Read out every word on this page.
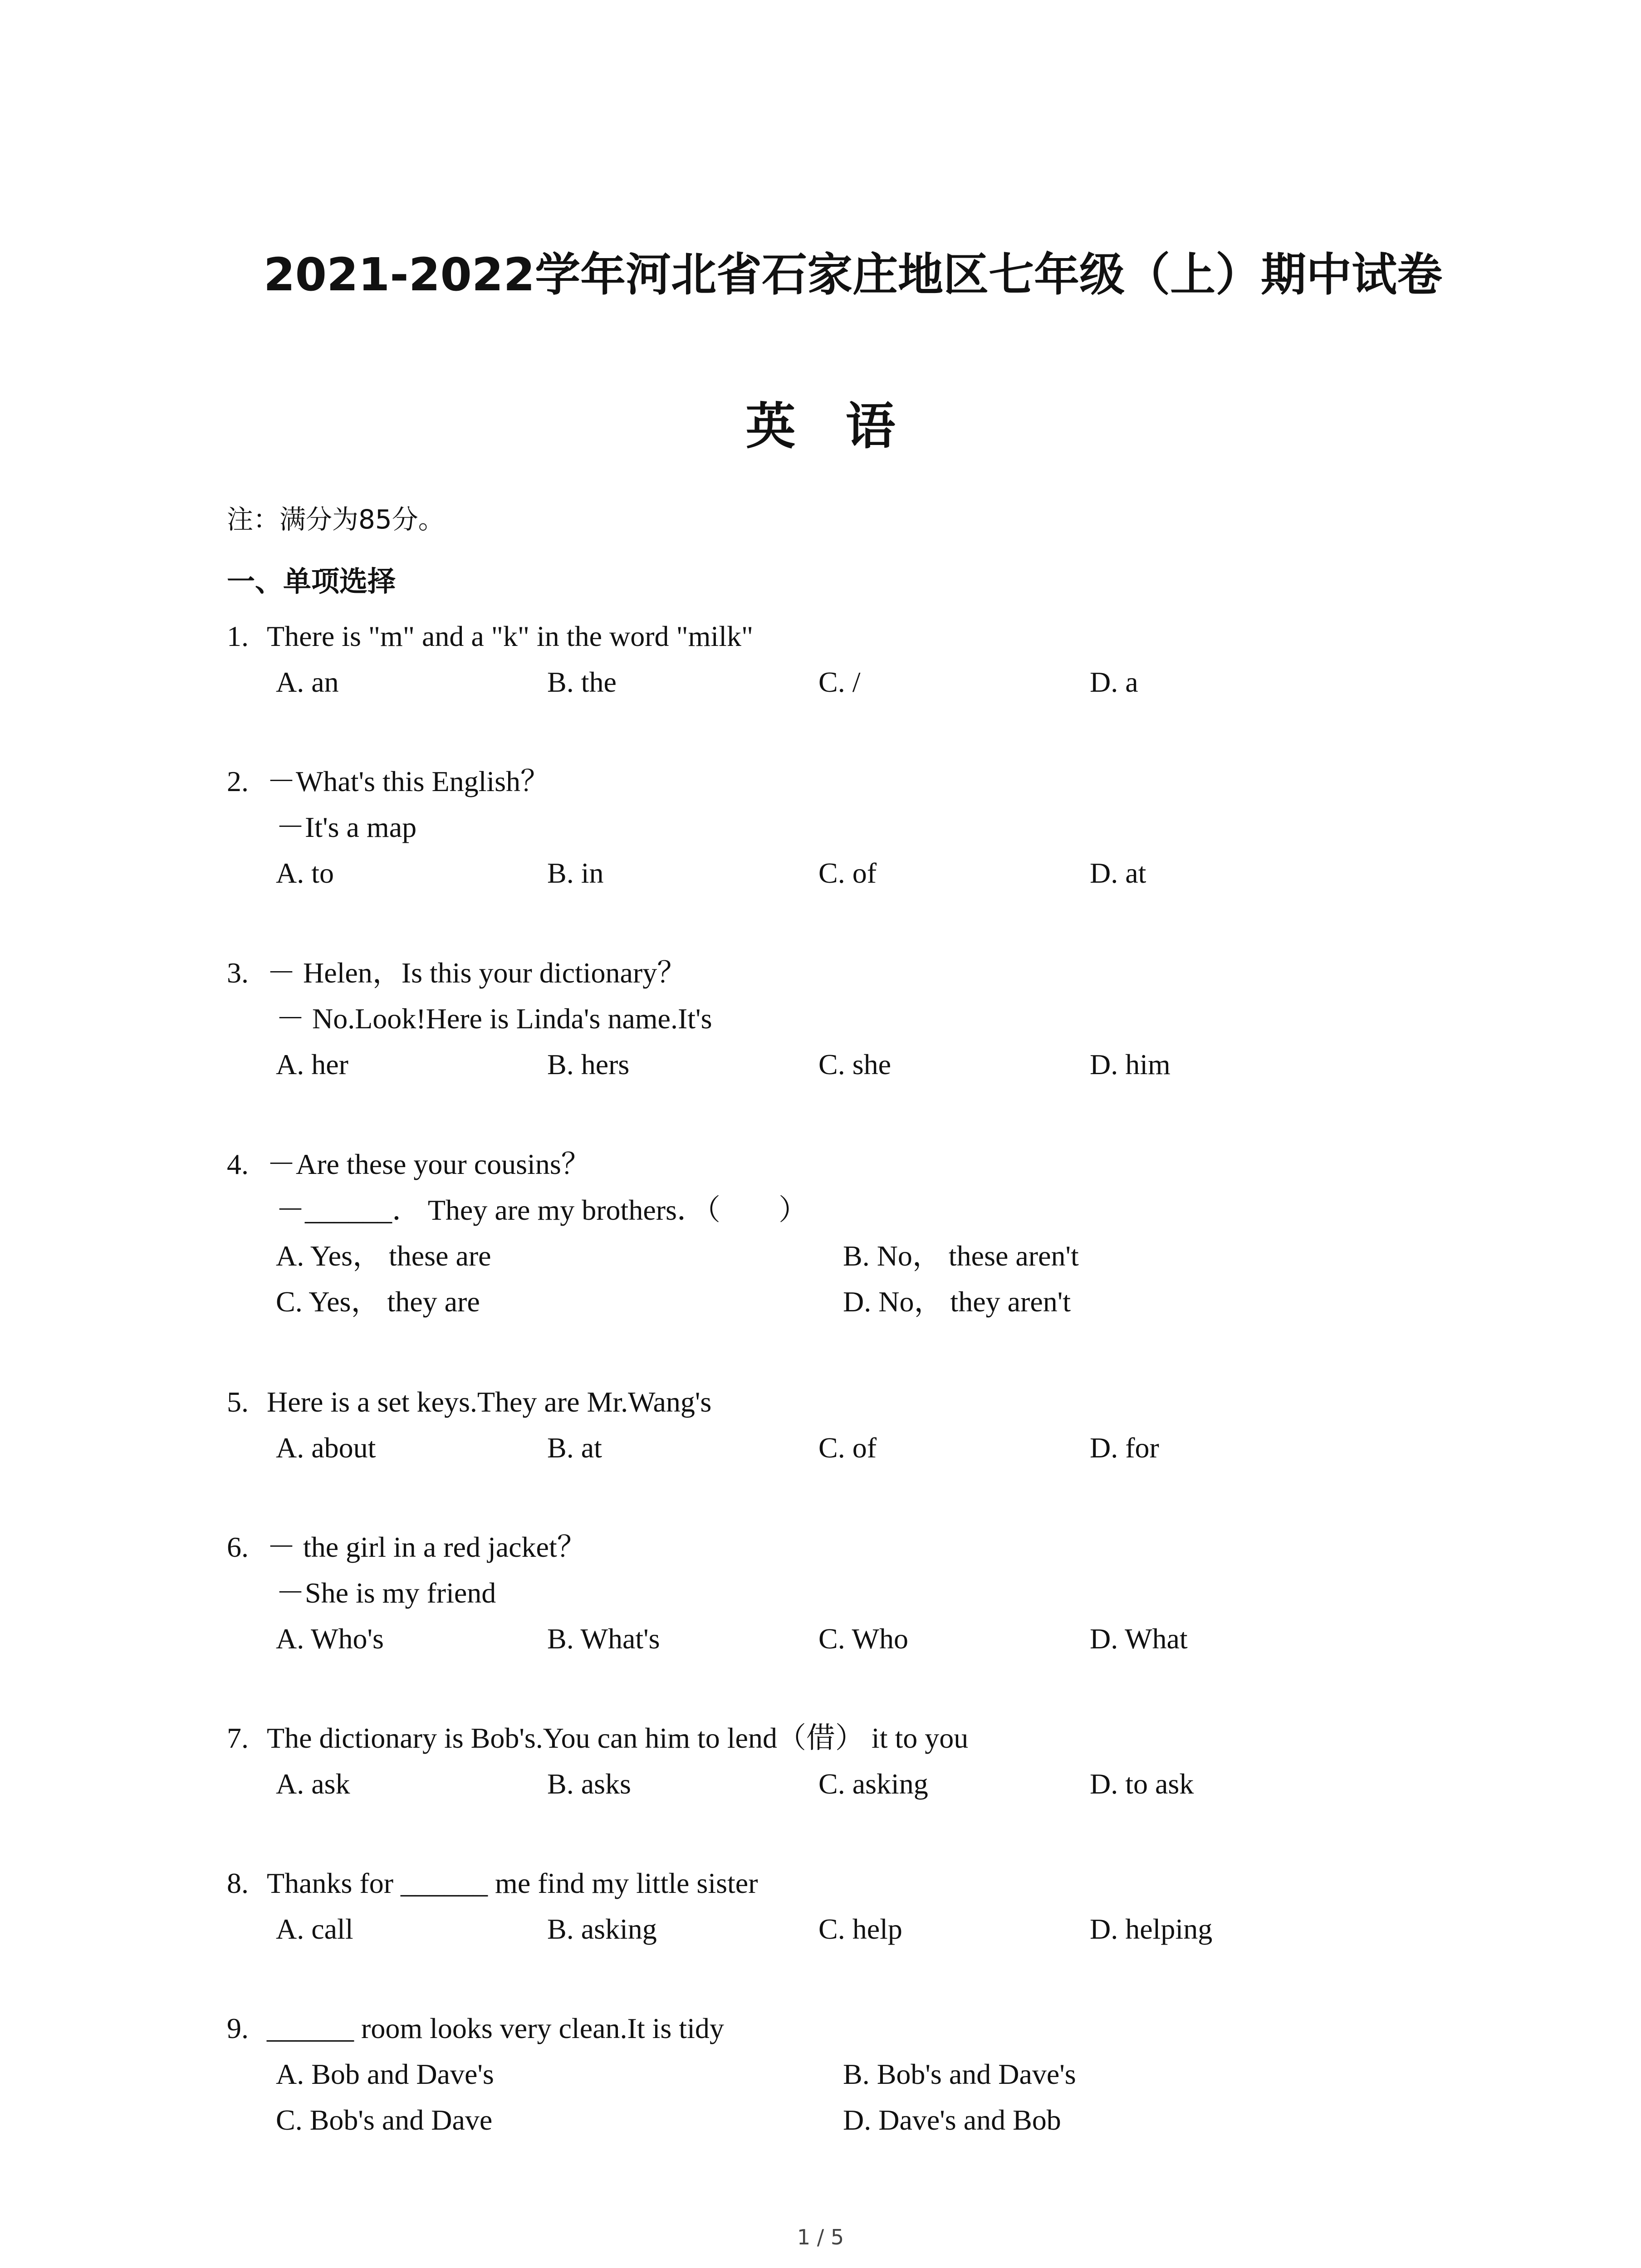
2021-2022学年河北省石家庄地区七年级（上）期中试卷
英语
注：满分为85分。
一、单项选择
1. There is "m" and a "k" in the word "milk"
A. an	B. the	C. /	D. a
2. －What's this English？
－It's a map
A. to	B. in	C. of	D. at
3. － Helen，Is this your dictionary？
－ No.Look!Here is Linda's name.It's
A. her	B. hers	C. she	D. him
4. －Are these your cousins？
－______． They are my brothers．（　　）
A. Yes， these are	B. No， these aren't
C. Yes， they are	D. No， they aren't
5. Here is a set keys.They are Mr.Wang's
A. about	B. at	C. of	D. for
6. － the girl in a red jacket？
－She is my friend
A. Who's	B. What's	C. Who	D. What
7. The dictionary is Bob's.You can him to lend（借） it to you
A. ask	B. asks	C. asking	D. to ask
8. Thanks for ______ me find my little sister
A. call	B. asking	C. help	D. helping
9. ______ room looks very clean.It is tidy
A. Bob and Dave's	B. Bob's and Dave's
C. Bob's and Dave	D. Dave's and Bob
1 / 5
